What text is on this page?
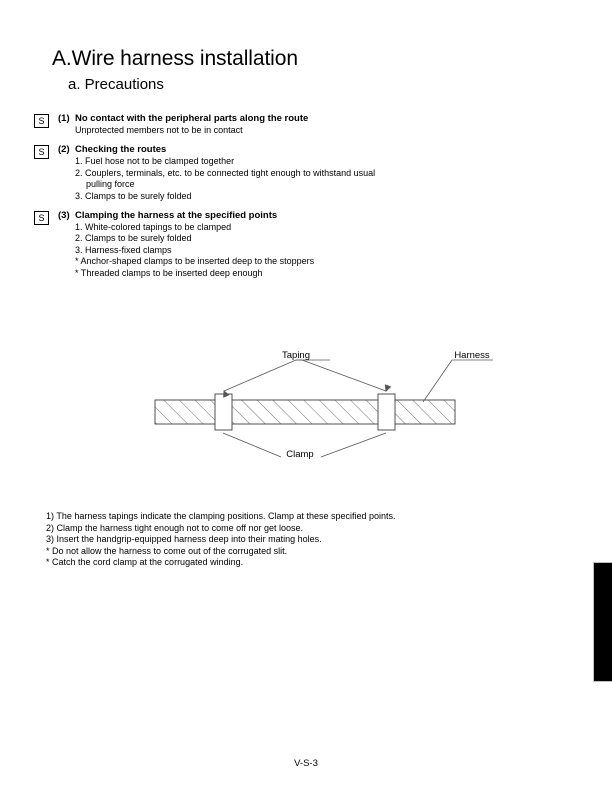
A.Wire harness installation
a. Precautions
S	(1) No contact with the peripheral parts along the route
Unprotected members not to be in contact
S	(2) Checking the routes
1. Fuel hose not to be clamped together
2. Couplers, terminals, etc. to be connected tight enough to withstand usual
pulling force
3. Clamps to be surely folded
S	(3) Clamping the harness at the specified points
1. White-colored tapings to be clamped
2. Clamps to be surely folded
3. Harness-fixed clamps
* Anchor-shaped clamps to be inserted deep to the stoppers
* Threaded clamps to be inserted deep enough
Taping	Harness
Clamp
1) The harness tapings indicate the clamping positions. Clamp at these specified points.
2) Clamp the harness tight enough not to come off nor get loose.
3) Insert the handgrip-equipped harness deep into their mating holes.
* Do not allow the harness to come out of the corrugated slit.
* Catch the cord clamp at the corrugated winding.
V-S-3
